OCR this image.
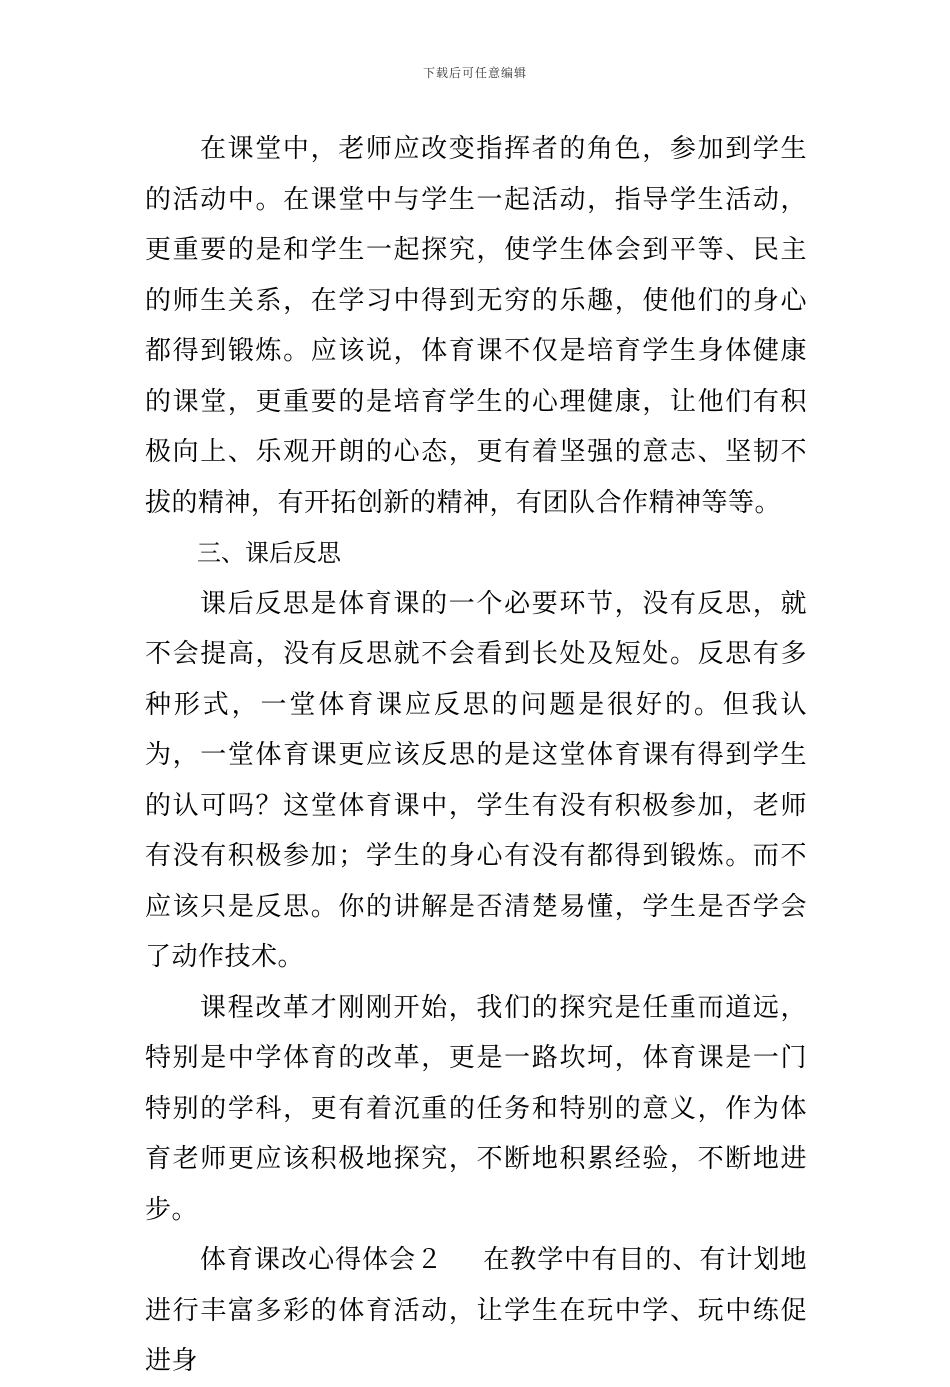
下载后可任意编辑

在课堂中，老师应改变指挥者的角色，参加到学生的活动中。在课堂中与学生一起活动，指导学生活动，更重要的是和学生一起探究，使学生体会到平等、民主的师生关系，在学习中得到无穷的乐趣，使他们的身心都得到锻炼。应该说，体育课不仅是培育学生身体健康的课堂，更重要的是培育学生的心理健康，让他们有积极向上、乐观开朗的心态，更有着坚强的意志、坚韧不拔的精神，有开拓创新的精神，有团队合作精神等等。

三、课后反思

课后反思是体育课的一个必要环节，没有反思，就不会提高，没有反思就不会看到长处及短处。反思有多种形式，一堂体育课应反思的问题是很好的。但我认为，一堂体育课更应该反思的是这堂体育课有得到学生的认可吗？这堂体育课中，学生有没有积极参加，老师有没有积极参加；学生的身心有没有都得到锻炼。而不应该只是反思。你的讲解是否清楚易懂，学生是否学会了动作技术。

课程改革才刚刚开始，我们的探究是任重而道远，特别是中学体育的改革，更是一路坎坷，体育课是一门特别的学科，更有着沉重的任务和特别的意义，作为体育老师更应该积极地探究，不断地积累经验，不断地进步。

体育课改心得体会２ 在教学中有目的、有计划地进行丰富多彩的体育活动，让学生在玩中学、玩中练促进身
